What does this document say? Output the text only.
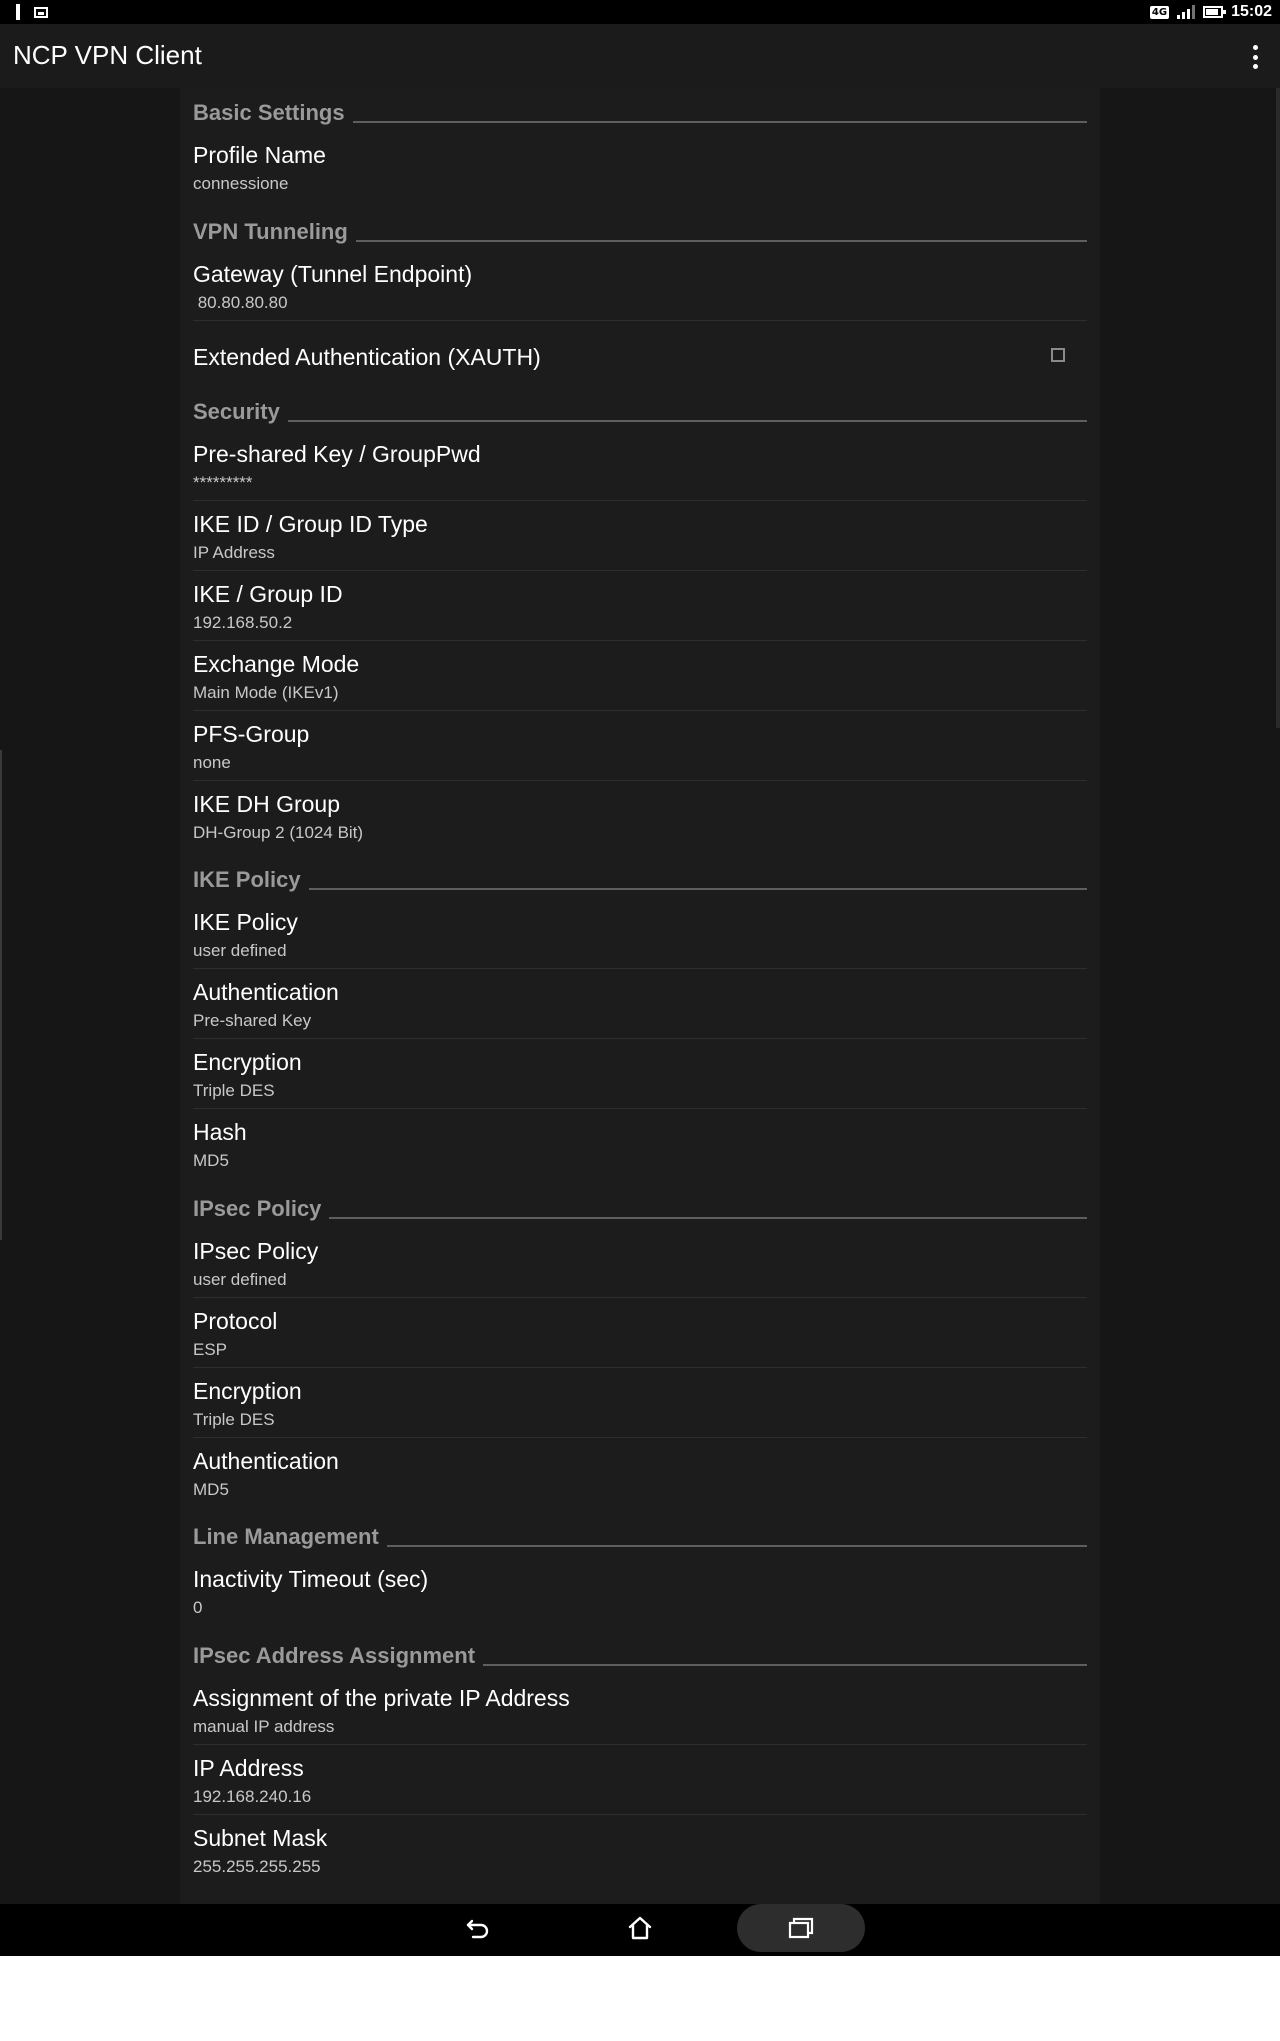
4G	15:02
NCP VPN Client
Basic Settings
Profile Name
connessione
VPN Tunneling
Gateway (Tunnel Endpoint)
80.80.80.80
Extended Authentication (XAUTH)
Security
Pre-shared Key / GroupPwd
*********
IKE ID / Group ID Type
IP Address
IKE / Group ID
192.168.50.2
Exchange Mode
Main Mode (IKEv1)
PFS-Group
none
IKE DH Group
DH-Group 2 (1024 Bit)
IKE Policy
IKE Policy
user defined
Authentication
Pre-shared Key
Encryption
Triple DES
Hash
MD5
IPsec Policy
IPsec Policy
user defined
Protocol
ESP
Encryption
Triple DES
Authentication
MD5
Line Management
Inactivity Timeout (sec)
0
IPsec Address Assignment
Assignment of the private IP Address
manual IP address
IP Address
192.168.240.16
Subnet Mask
255.255.255.255
